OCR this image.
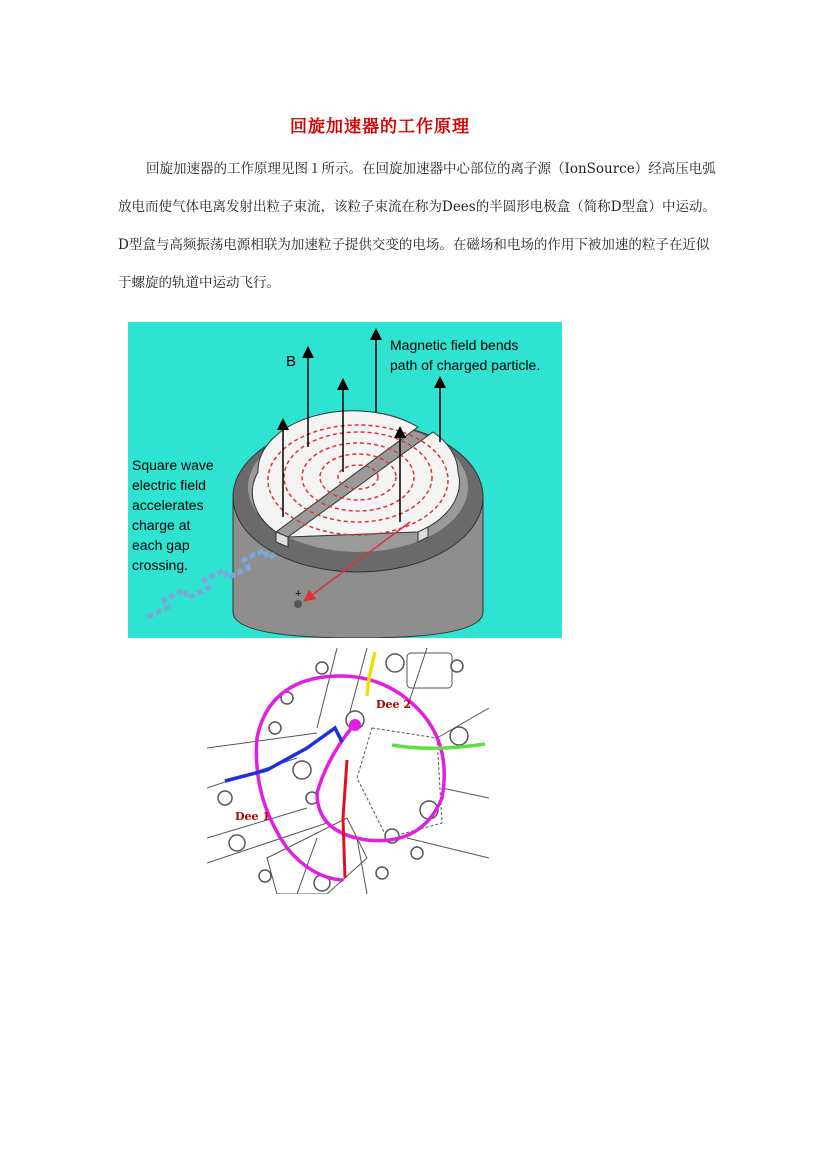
回旋加速器的工作原理

回旋加速器的工作原理见图１所示。在回旋加速器中心部位的离子源（IonSource）经高压电弧放电而使气体电离发射出粒子束流，该粒子束流在称为Dees的半圆形电极盒（简称D型盒）中运动。D型盒与高频振荡电源相联为加速粒子提供交变的电场。在磁场和电场的作用下被加速的粒子在近似于螺旋的轨道中运动飞行。

+
B
Magnetic field bends
path of charged particle.
Square wave
electric field
accelerates
charge at
each gap
crossing.
Dee 2
Dee 1
